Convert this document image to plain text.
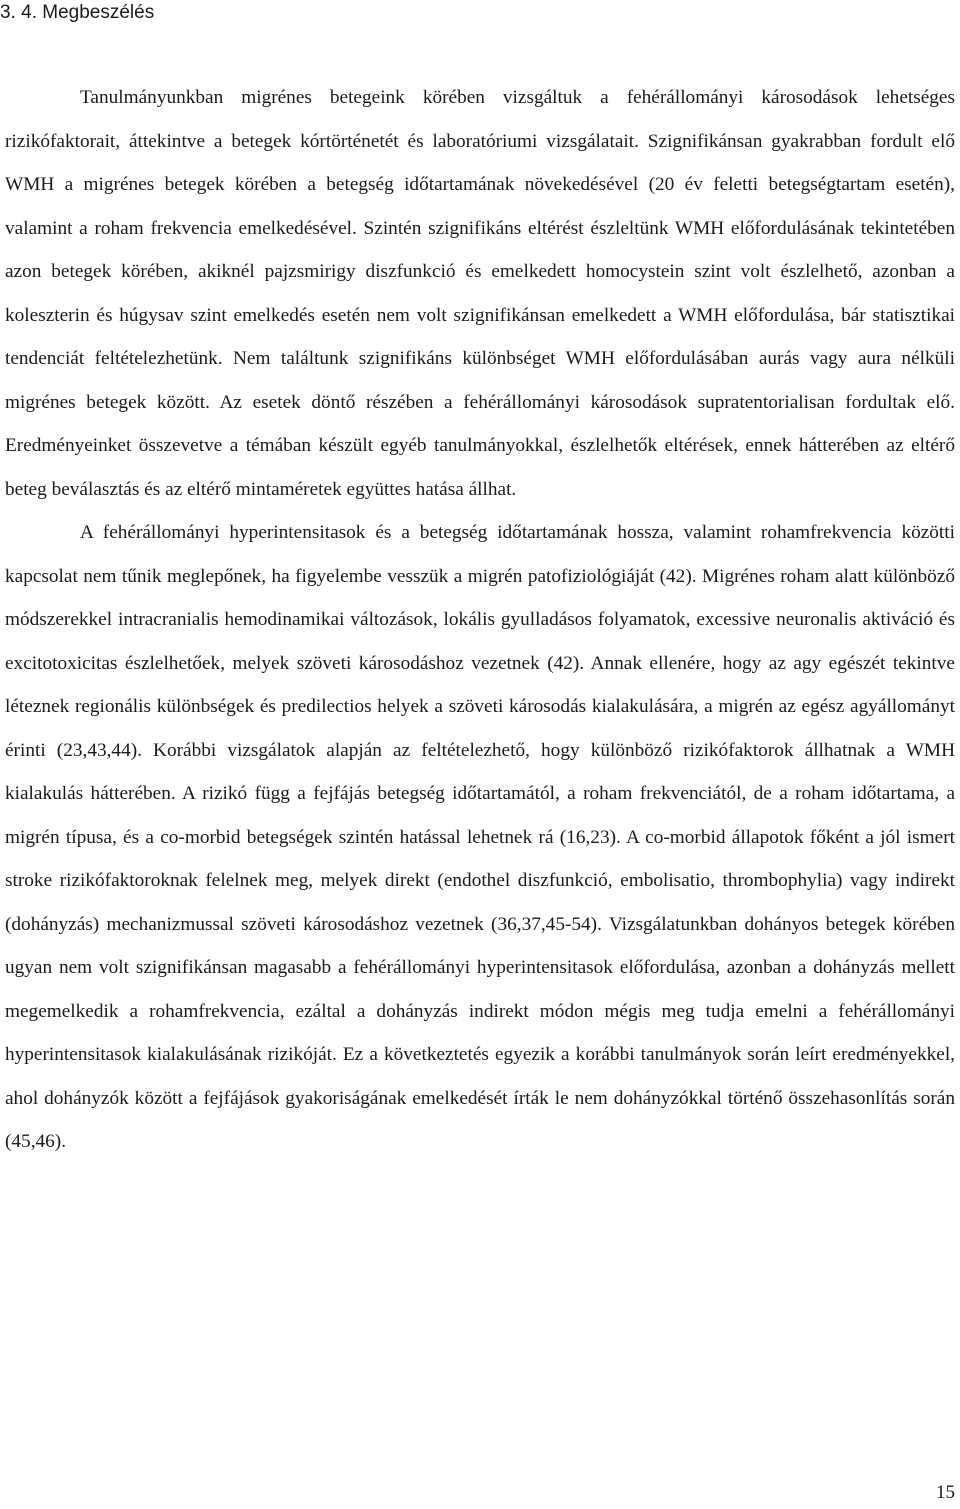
3. 4. Megbeszélés

Tanulmányunkban migrénes betegeink körében vizsgáltuk a fehérállományi károsodások lehetséges rizikófaktorait, áttekintve a betegek kórtörténetét és laboratóriumi vizsgálatait. Szignifikánsan gyakrabban fordult elő WMH a migrénes betegek körében a betegség időtartamának növekedésével (20 év feletti betegségtartam esetén), valamint a roham frekvencia emelkedésével. Szintén szignifikáns eltérést észleltünk WMH előfordulásának tekintetében azon betegek körében, akiknél pajzsmirigy diszfunkció és emelkedett homocystein szint volt észlelhető, azonban a koleszterin és húgysav szint emelkedés esetén nem volt szignifikánsan emelkedett a WMH előfordulása, bár statisztikai tendenciát feltételezhetünk. Nem találtunk szignifikáns különbséget WMH előfordulásában aurás vagy aura nélküli migrénes betegek között. Az esetek döntő részében a fehérállományi károsodások supratentorialisan fordultak elő. Eredményeinket összevetve a témában készült egyéb tanulmányokkal, észlelhetők eltérések, ennek hátterében az eltérő beteg beválasztás és az eltérő mintaméretek együttes hatása állhat.

A fehérállományi hyperintensitasok és a betegség időtartamának hossza, valamint rohamfrekvencia közötti kapcsolat nem tűnik meglepőnek, ha figyelembe vesszük a migrén patofiziológiáját (42). Migrénes roham alatt különböző módszerekkel intracranialis hemodinamikai változások, lokális gyulladásos folyamatok, excessive neuronalis aktiváció és excitotoxicitas észlelhetőek, melyek szöveti károsodáshoz vezetnek (42). Annak ellenére, hogy az agy egészét tekintve léteznek regionális különbségek és predilectios helyek a szöveti károsodás kialakulására, a migrén az egész agyállományt érinti (23,43,44). Korábbi vizsgálatok alapján az feltételezhető, hogy különböző rizikófaktorok állhatnak a WMH kialakulás hátterében. A rizikó függ a fejfájás betegség időtartamától, a roham frekvenciától, de a roham időtartama, a migrén típusa, és a co-morbid betegségek szintén hatással lehetnek rá (16,23). A co-morbid állapotok főként a jól ismert stroke rizikófaktoroknak felelnek meg, melyek direkt (endothel diszfunkció, embolisatio, thrombophylia) vagy indirekt (dohányzás) mechanizmussal szöveti károsodáshoz vezetnek (36,37,45-54). Vizsgálatunkban dohányos betegek körében ugyan nem volt szignifikánsan magasabb a fehérállományi hyperintensitasok előfordulása, azonban a dohányzás mellett megemelkedik a rohamfrekvencia, ezáltal a dohányzás indirekt módon mégis meg tudja emelni a fehérállományi hyperintensitasok kialakulásának rizikóját. Ez a következtetés egyezik a korábbi tanulmányok során leírt eredményekkel, ahol dohányzók között a fejfájások gyakoriságának emelkedését írták le nem dohányzókkal történő összehasonlítás során (45,46).

15
